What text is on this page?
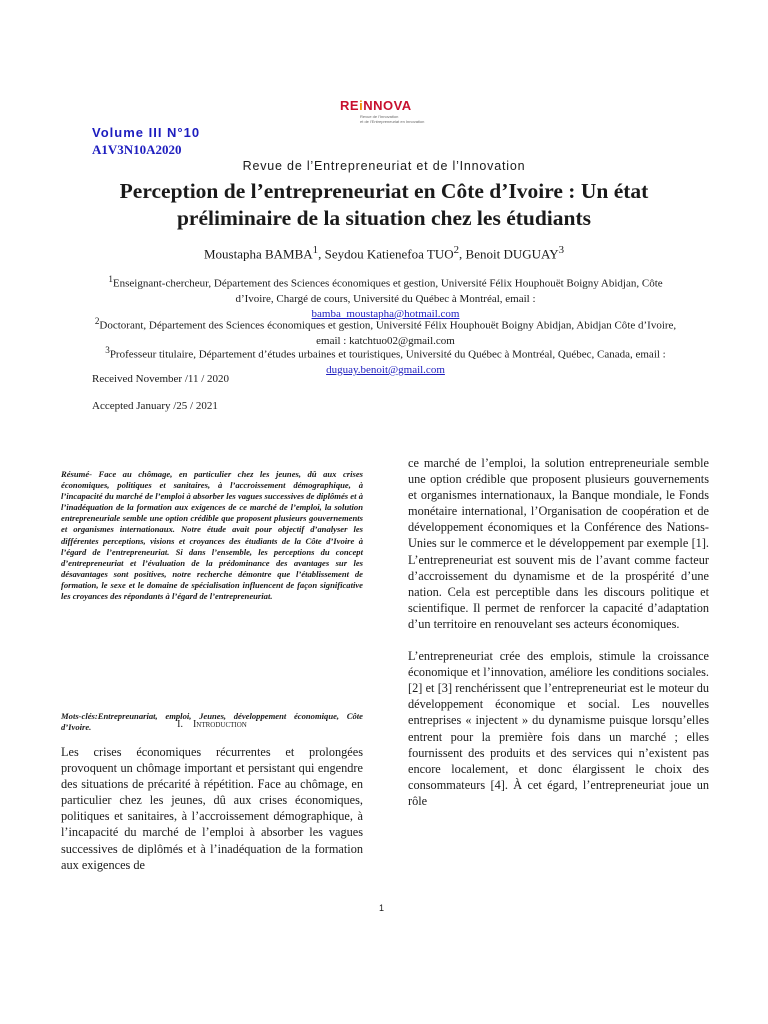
REiNNOVA
Revue de l'Innovation
et de l'Entrepreneuriat en Innovation
Volume III N°10
A1V3N10A2020
Revue de l’Entrepreneuriat et de l’Innovation
Perception de l’entrepreneuriat en Côte d’Ivoire : Un état préliminaire de la situation chez les étudiants
Moustapha BAMBA$^1$, Seydou Katienefoa TUO$^2$, Benoit DUGUAY$^3$
$^1$Enseignant-chercheur, Département des Sciences économiques et gestion, Université Félix Houphouët Boigny Abidjan, Côte d’Ivoire, Chargé de cours, Université du Québec à Montréal, email :
bamba_moustapha@hotmail.com
$^2$Doctorant, Département des Sciences économiques et gestion, Université Félix Houphouët Boigny Abidjan, Abidjan Côte d’Ivoire, email : katchtuo02@gmail.com
$^3$Professeur titulaire, Département d’études urbaines et touristiques, Université du Québec à Montréal, Québec, Canada, email : duguay.benoit@gmail.com
Received November /11 / 2020
Accepted January /25 / 2021
Résumé- Face au chômage, en particulier chez les jeunes, dû aux crises économiques, politiques et sanitaires, à l’accroissement démographique, à l’incapacité du marché de l’emploi à absorber les vagues successives de diplômés et à l’inadéquation de la formation aux exigences de ce marché de l’emploi, la solution entrepreneuriale semble une option crédible que proposent plusieurs gouvernements et organismes internationaux. Notre étude avait pour objectif d’analyser les différentes perceptions, visions et croyances des étudiants de la Côte d’Ivoire à l’égard de l’entrepreneuriat. Si dans l’ensemble, les perceptions du concept d’entrepreneuriat et l’évaluation de la prédominance des avantages sur les désavantages sont positives, notre recherche démontre que l’établissement de formation, le sexe et le domaine de spécialisation influencent de façon significative les croyances des répondants à l’égard de l’entrepreneuriat.
Mots-clés:Entrepreunariat, emploi, Jeunes, développement économique, Côte d’Ivoire.	I. Introduction
Les crises économiques récurrentes et prolongées provoquent un chômage important et persistant qui engendre des situations de précarité à répétition. Face au chômage, en particulier chez les jeunes, dû aux crises économiques, politiques et sanitaires, à l’accroissement démographique, à l’incapacité du marché de l’emploi à absorber les vagues successives de diplômés et à l’inadéquation de la formation aux exigences de

ce marché de l’emploi, la solution entrepreneuriale semble une option crédible que proposent plusieurs gouvernements et organismes internationaux, la Banque mondiale, le Fonds monétaire international, l’Organisation de coopération et de développement économiques et la Conférence des Nations-Unies sur le commerce et le développement par exemple [1]. L’entrepreneuriat est souvent mis de l’avant comme facteur d’accroissement du dynamisme et de la prospérité d’une nation. Cela est perceptible dans les discours politique et scientifique. Il permet de renforcer la capacité d’adaptation d’un territoire en renouvelant ses acteurs économiques.

L’entrepreneuriat crée des emplois, stimule la croissance économique et l’innovation, améliore les conditions sociales. [2] et [3] renchérissent que l’entrepreneuriat est le moteur du développement économique et social. Les nouvelles entreprises « injectent » du dynamisme puisque lorsqu’elles entrent pour la première fois dans un marché ; elles fournissent des produits et des services qui n’existent pas encore localement, et donc élargissent le choix des consommateurs [4]. À cet égard, l’entrepreneuriat joue un rôle

1
